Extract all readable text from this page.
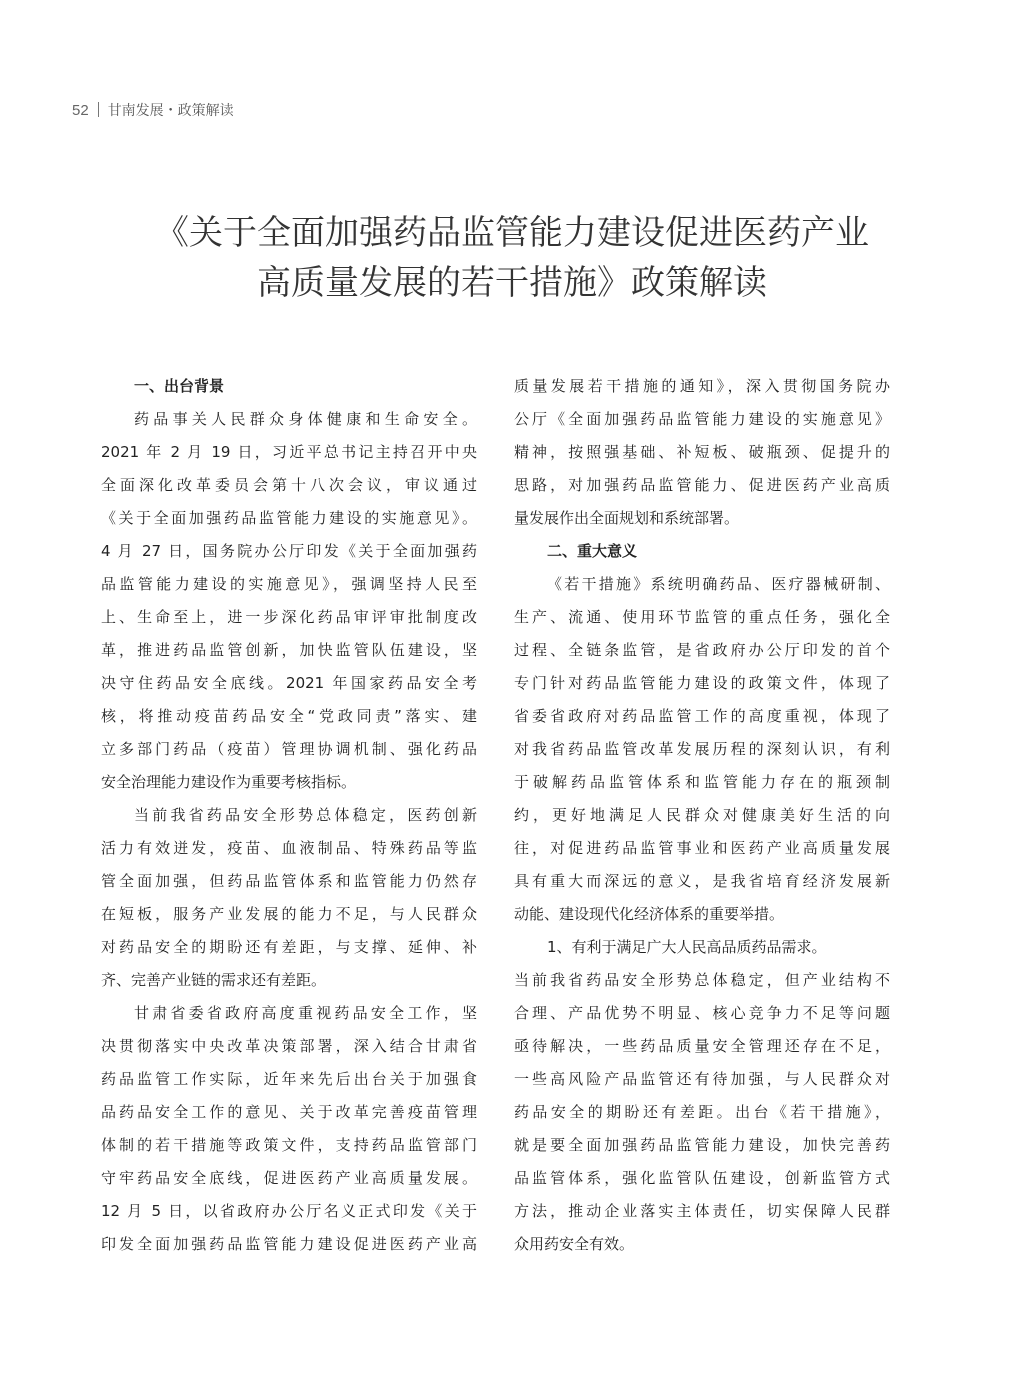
52 甘南发展・政策解读
《关于全面加强药品监管能力建设促进医药产业
高质量发展的若干措施》政策解读
一、出台背景
药品事关人民群众身体健康和生命安全。
2021 年 2 月 19 日，习近平总书记主持召开中央
全面深化改革委员会第十八次会议，审议通过
《关于全面加强药品监管能力建设的实施意见》。
4 月 27 日，国务院办公厅印发《关于全面加强药
品监管能力建设的实施意见》，强调坚持人民至
上、生命至上，进一步深化药品审评审批制度改
革，推进药品监管创新，加快监管队伍建设，坚
决守住药品安全底线。2021 年国家药品安全考
核，将推动疫苗药品安全“党政同责”落实、建
立多部门药品（疫苗）管理协调机制、强化药品
安全治理能力建设作为重要考核指标。
当前我省药品安全形势总体稳定，医药创新
活力有效迸发，疫苗、血液制品、特殊药品等监
管全面加强，但药品监管体系和监管能力仍然存
在短板，服务产业发展的能力不足，与人民群众
对药品安全的期盼还有差距，与支撑、延伸、补
齐、完善产业链的需求还有差距。
甘肃省委省政府高度重视药品安全工作，坚
决贯彻落实中央改革决策部署，深入结合甘肃省
药品监管工作实际，近年来先后出台关于加强食
品药品安全工作的意见、关于改革完善疫苗管理
体制的若干措施等政策文件，支持药品监管部门
守牢药品安全底线，促进医药产业高质量发展。
12 月 5 日，以省政府办公厅名义正式印发《关于
印发全面加强药品监管能力建设促进医药产业高
质量发展若干措施的通知》，深入贯彻国务院办
公厅《全面加强药品监管能力建设的实施意见》
精神，按照强基础、补短板、破瓶颈、促提升的
思路，对加强药品监管能力、促进医药产业高质
量发展作出全面规划和系统部署。
二、重大意义
《若干措施》系统明确药品、医疗器械研制、
生产、流通、使用环节监管的重点任务，强化全
过程、全链条监管，是省政府办公厅印发的首个
专门针对药品监管能力建设的政策文件，体现了
省委省政府对药品监管工作的高度重视，体现了
对我省药品监管改革发展历程的深刻认识，有利
于破解药品监管体系和监管能力存在的瓶颈制
约，更好地满足人民群众对健康美好生活的向
往，对促进药品监管事业和医药产业高质量发展
具有重大而深远的意义，是我省培育经济发展新
动能、建设现代化经济体系的重要举措。
1、有利于满足广大人民高品质药品需求。
当前我省药品安全形势总体稳定，但产业结构不
合理、产品优势不明显、核心竞争力不足等问题
亟待解决，一些药品质量安全管理还存在不足，
一些高风险产品监管还有待加强，与人民群众对
药品安全的期盼还有差距。出台《若干措施》，
就是要全面加强药品监管能力建设，加快完善药
品监管体系，强化监管队伍建设，创新监管方式
方法，推动企业落实主体责任，切实保障人民群
众用药安全有效。
